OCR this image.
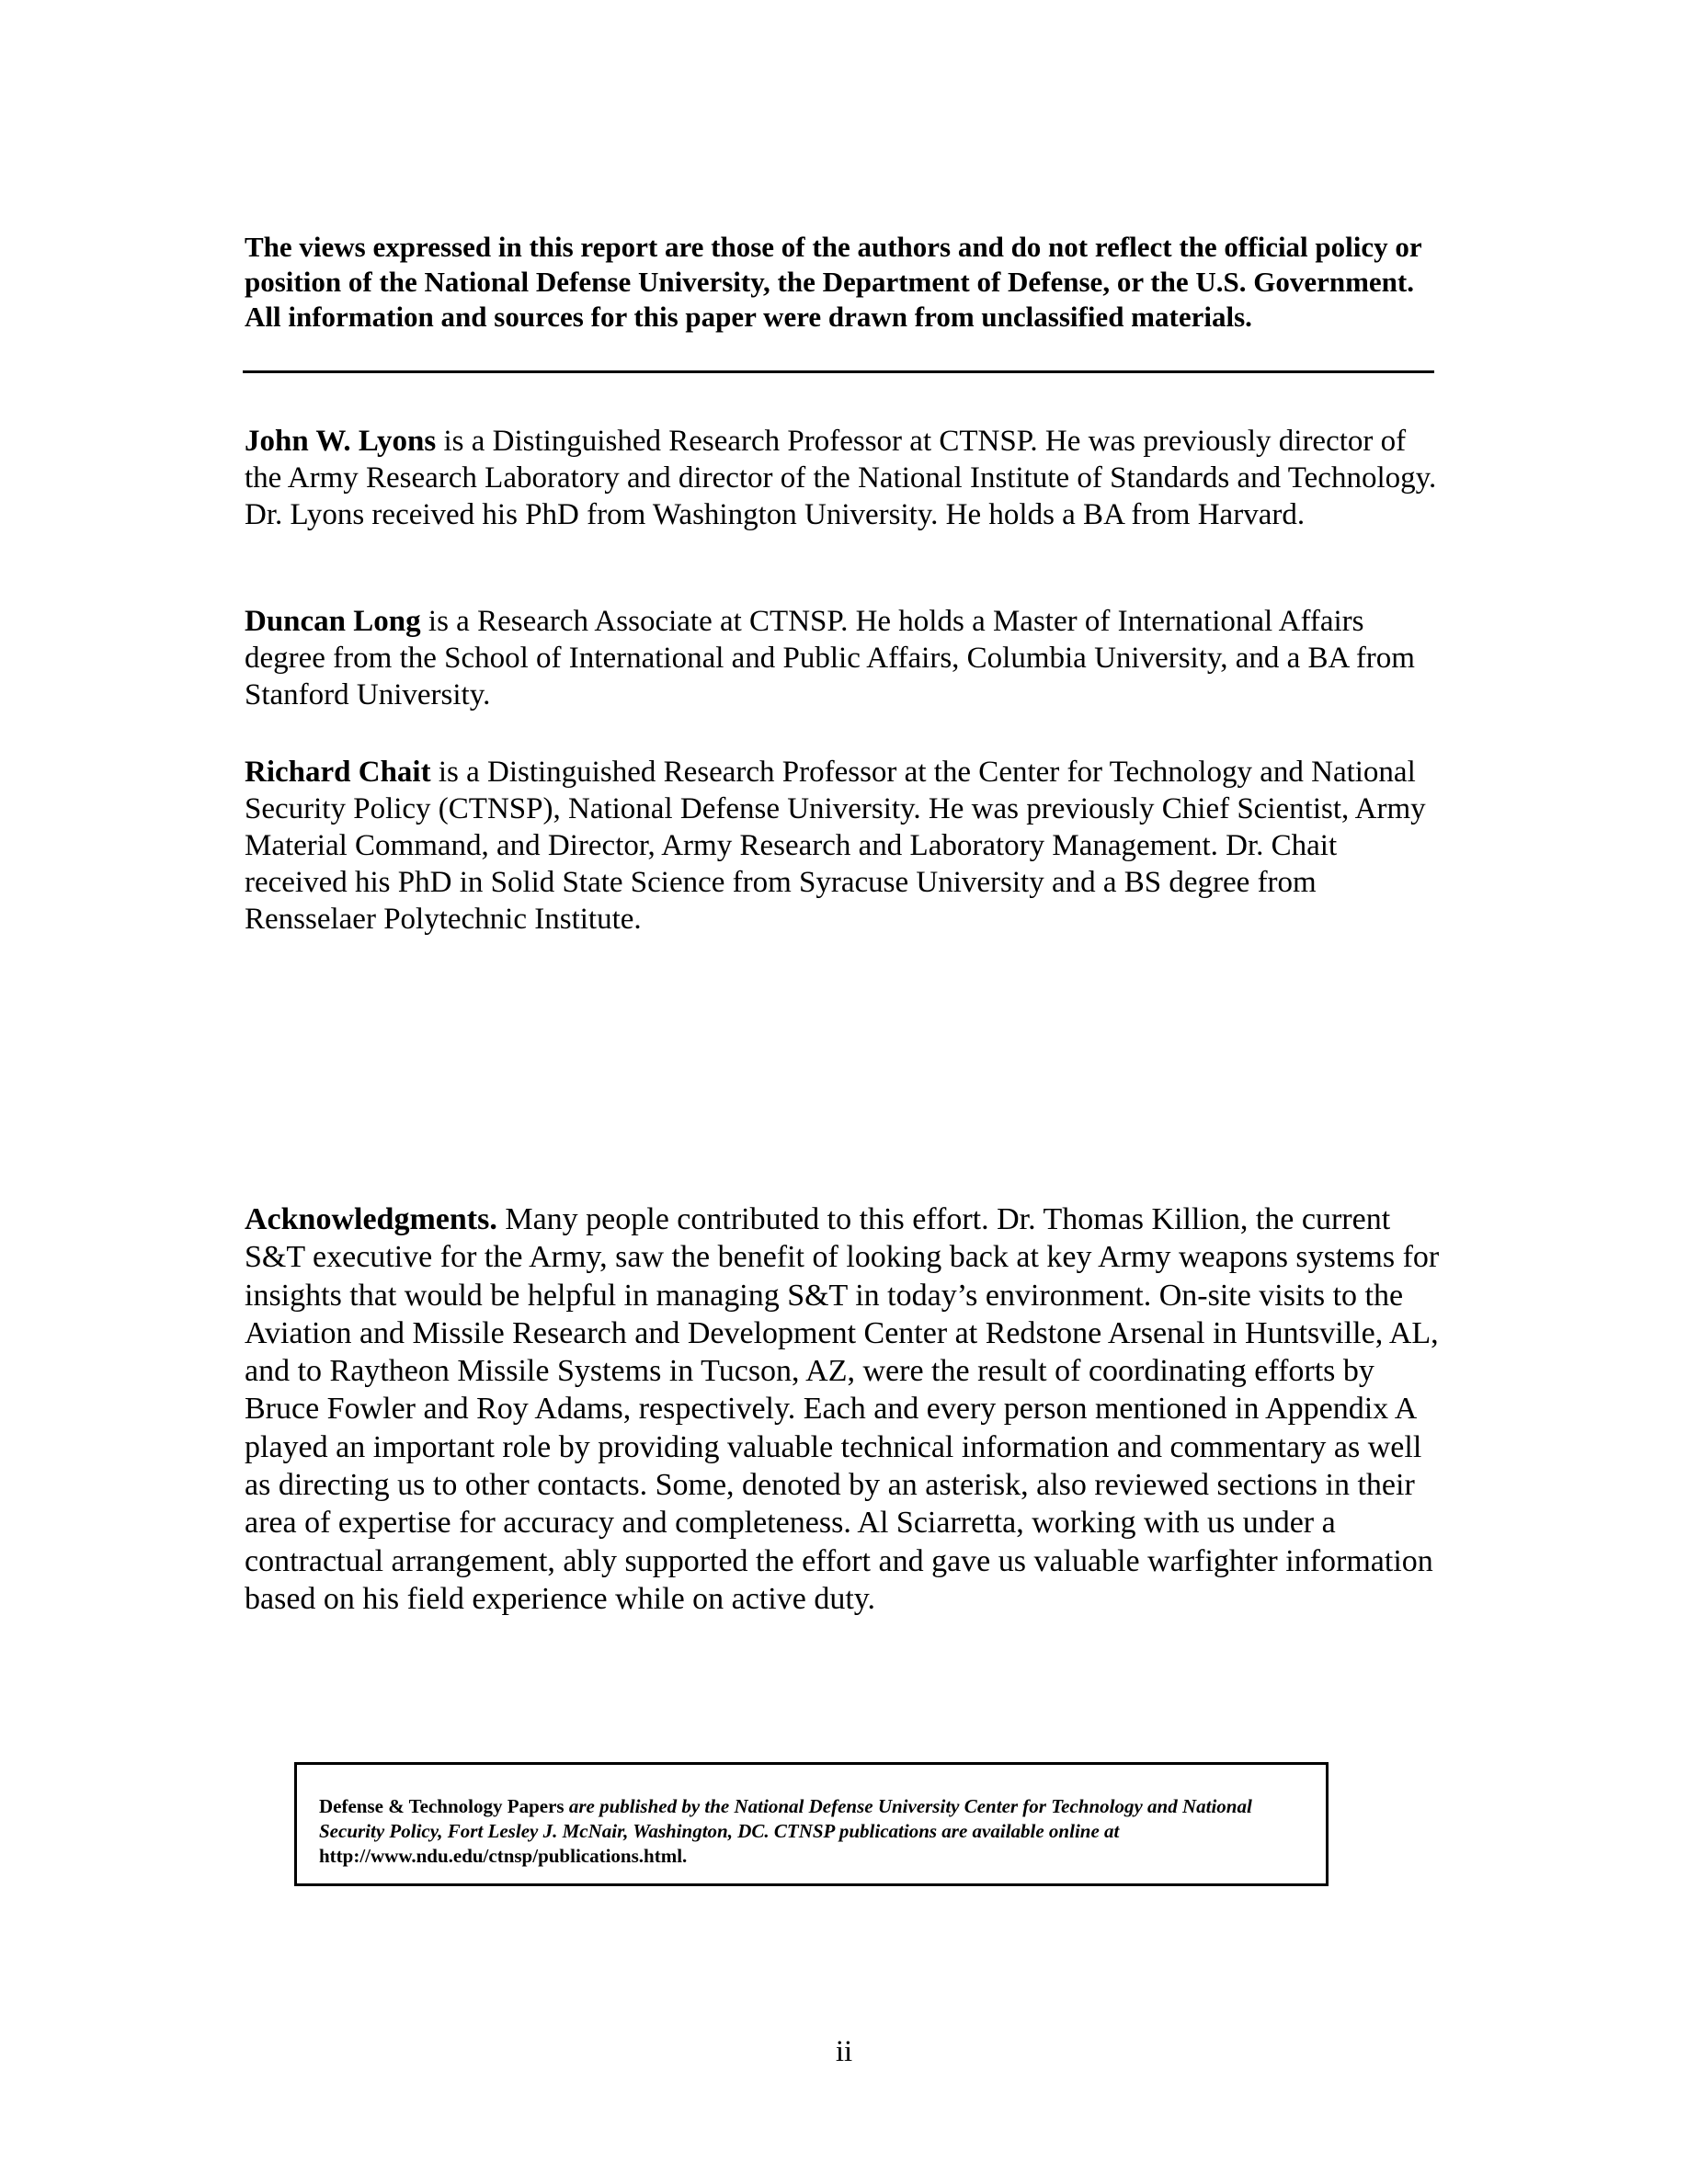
The views expressed in this report are those of the authors and do not reflect the official policy or position of the National Defense University, the Department of Defense, or the U.S. Government. All information and sources for this paper were drawn from unclassified materials.

John W. Lyons is a Distinguished Research Professor at CTNSP. He was previously director of the Army Research Laboratory and director of the National Institute of Standards and Technology. Dr. Lyons received his PhD from Washington University. He holds a BA from Harvard.

Duncan Long is a Research Associate at CTNSP. He holds a Master of International Affairs degree from the School of International and Public Affairs, Columbia University, and a BA from Stanford University.

Richard Chait is a Distinguished Research Professor at the Center for Technology and National Security Policy (CTNSP), National Defense University. He was previously Chief Scientist, Army Material Command, and Director, Army Research and Laboratory Management. Dr. Chait received his PhD in Solid State Science from Syracuse University and a BS degree from Rensselaer Polytechnic Institute.

Acknowledgments. Many people contributed to this effort. Dr. Thomas Killion, the current S&T executive for the Army, saw the benefit of looking back at key Army weapons systems for insights that would be helpful in managing S&T in today’s environment. On-site visits to the Aviation and Missile Research and Development Center at Redstone Arsenal in Huntsville, AL, and to Raytheon Missile Systems in Tucson, AZ, were the result of coordinating efforts by Bruce Fowler and Roy Adams, respectively. Each and every person mentioned in Appendix A played an important role by providing valuable technical information and commentary as well as directing us to other contacts. Some, denoted by an asterisk, also reviewed sections in their area of expertise for accuracy and completeness. Al Sciarretta, working with us under a contractual arrangement, ably supported the effort and gave us valuable warfighter information based on his field experience while on active duty.

Defense & Technology Papers are published by the National Defense University Center for Technology and National Security Policy, Fort Lesley J. McNair, Washington, DC. CTNSP publications are available online at http://www.ndu.edu/ctnsp/publications.html.

ii
